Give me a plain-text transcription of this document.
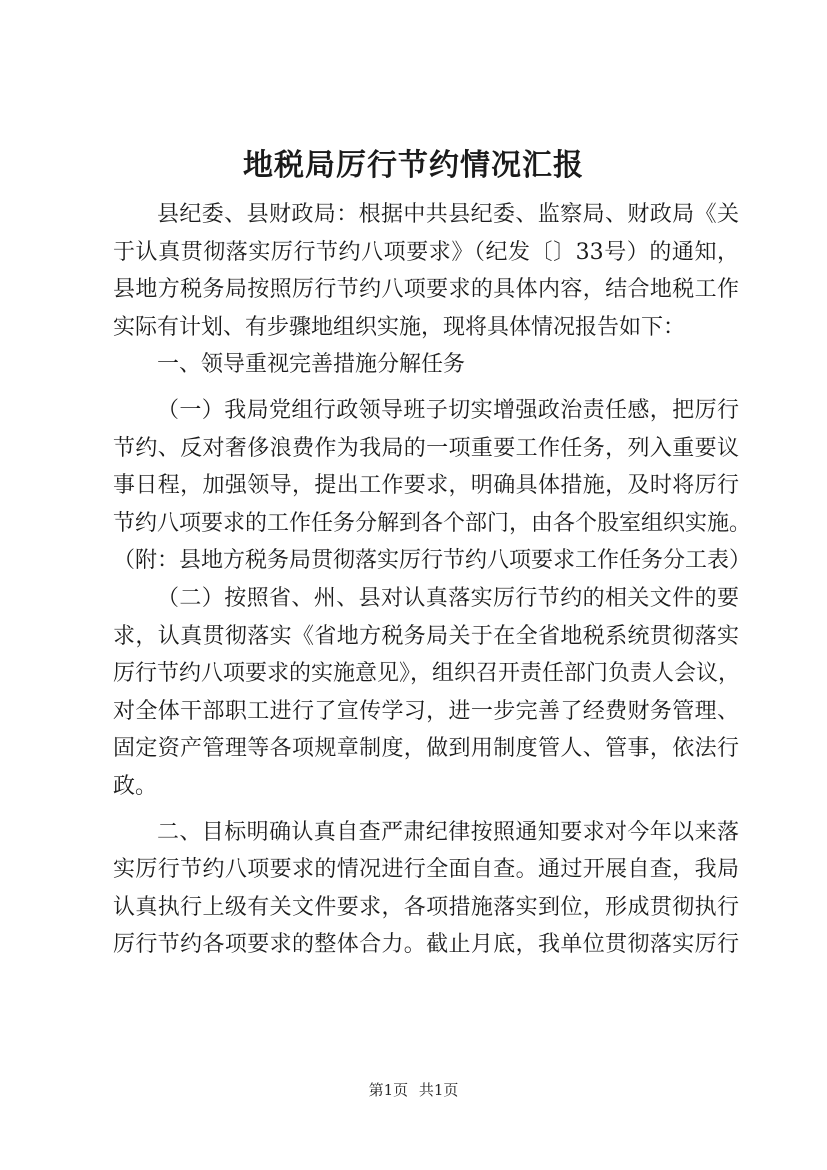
地税局厉行节约情况汇报

县纪委、县财政局：根据中共县纪委、监察局、财政局《关

于认真贯彻落实厉行节约八项要求》（纪发〔〕33号）的通知，

县地方税务局按照厉行节约八项要求的具体内容，结合地税工作

实际有计划、有步骤地组织实施，现将具体情况报告如下：

一、领导重视完善措施分解任务

（一）我局党组行政领导班子切实增强政治责任感，把厉行

节约、反对奢侈浪费作为我局的一项重要工作任务，列入重要议

事日程，加强领导，提出工作要求，明确具体措施，及时将厉行

节约八项要求的工作任务分解到各个部门，由各个股室组织实施。

（附：县地方税务局贯彻落实厉行节约八项要求工作任务分工表）

（二）按照省、州、县对认真落实厉行节约的相关文件的要

求，认真贯彻落实《省地方税务局关于在全省地税系统贯彻落实

厉行节约八项要求的实施意见》，组织召开责任部门负责人会议，

对全体干部职工进行了宣传学习，进一步完善了经费财务管理、

固定资产管理等各项规章制度，做到用制度管人、管事，依法行

政。

二、目标明确认真自查严肃纪律按照通知要求对今年以来落

实厉行节约八项要求的情况进行全面自查。通过开展自查，我局

认真执行上级有关文件要求，各项措施落实到位，形成贯彻执行

厉行节约各项要求的整体合力。截止月底，我单位贯彻落实厉行

第1页 共1页
